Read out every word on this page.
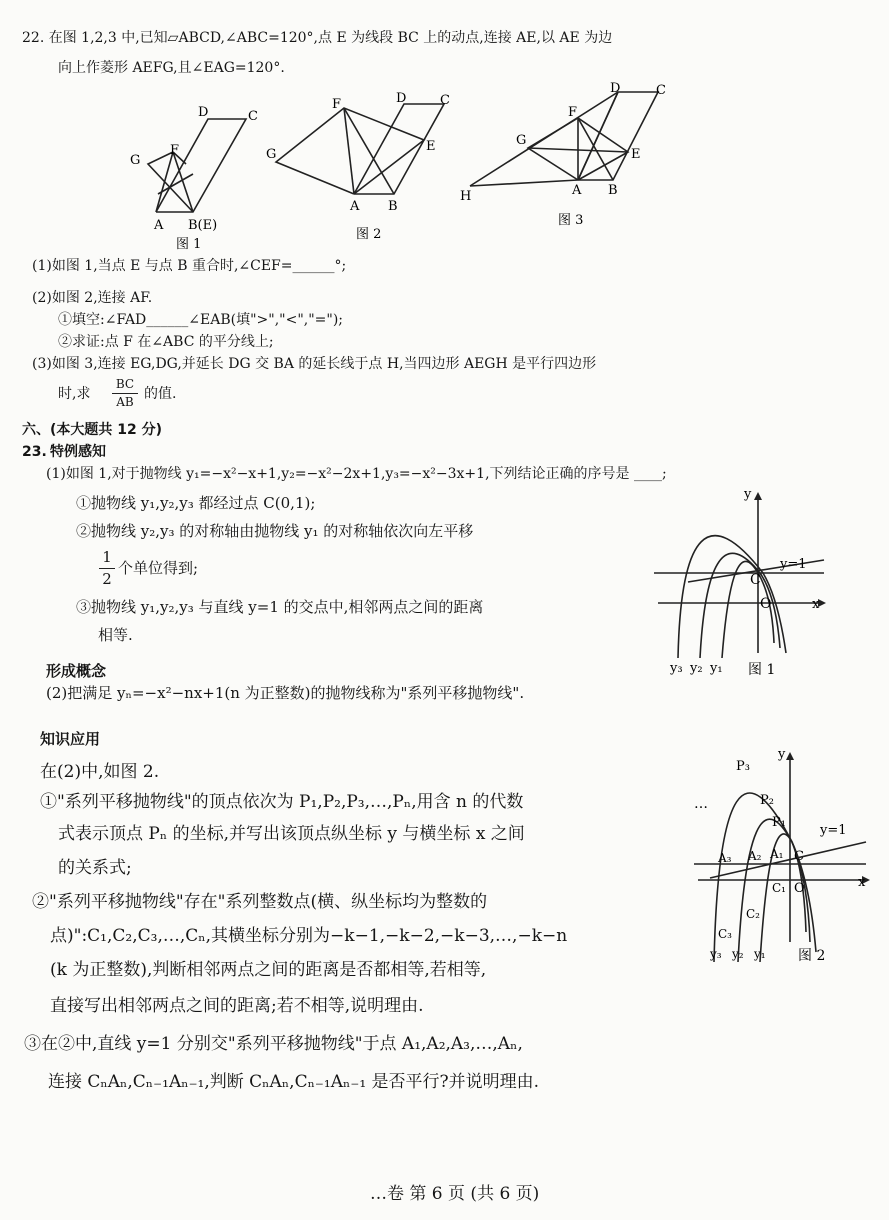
22. 在图 1,2,3 中,已知▱ABCD,∠ABC=120°,点 E 为线段 BC 上的动点,连接 AE,以 AE 为边
向上作菱形 AEFG,且∠EAG=120°.
D	C
G
F
A B(E)
图 1
F	D	C
G
E
A B
图 2
D	C
F
G
E
H	A B
图 3
(1)如图 1,当点 E 与点 B 重合时,∠CEF=______°;
(2)如图 2,连接 AF.
①填空:∠FAD______∠EAB(填">","<","=");
②求证:点 F 在∠ABC 的平分线上;
(3)如图 3,连接 EG,DG,并延长 DG 交 BA 的延长线于点 H,当四边形 AEGH 是平行四边形
时,求
BC
AB 的值.
六、(本大题共 12 分)
23. 特例感知
(1)如图 1,对于抛物线 y₁=−x²−x+1,y₂=−x²−2x+1,y₃=−x²−3x+1,下列结论正确的序号是 ____;
①抛物线 y₁,y₂,y₃ 都经过点 C(0,1);
②抛物线 y₂,y₃ 的对称轴由抛物线 y₁ 的对称轴依次向左平移
1
2
个单位得到;
③抛物线 y₁,y₂,y₃ 与直线 y=1 的交点中,相邻两点之间的距离
相等.
y
x
y=1
C
O
y₃ y₂ y₁ 图 1
形成概念
(2)把满足 yₙ=−x²−nx+1(n 为正整数)的抛物线称为"系列平移抛物线".
知识应用
在(2)中,如图 2.
①"系列平移抛物线"的顶点依次为 P₁,P₂,P₃,…,Pₙ,用含 n 的代数
式表示顶点 Pₙ 的坐标,并写出该顶点纵坐标 y 与横坐标 x 之间
的关系式;
②"系列平移抛物线"存在"系列整数点(横、纵坐标均为整数的
点)":C₁,C₂,C₃,…,Cₙ,其横坐标分别为−k−1,−k−2,−k−3,…,−k−n
(k 为正整数),判断相邻两点之间的距离是否都相等,若相等,
直接写出相邻两点之间的距离;若不相等,说明理由.
③在②中,直线 y=1 分别交"系列平移抛物线"于点 A₁,A₂,A₃,…,Aₙ,
连接 CₙAₙ,Cₙ₋₁Aₙ₋₁,判断 CₙAₙ,Cₙ₋₁Aₙ₋₁ 是否平行?并说明理由.
y
x
P₃
P₂
P₁
…
y=1
A₃ A₂ A₁ C
O
C₁
C₂
C₃
y₃ y₂ y₁ 图 2
…卷 第 6 页 (共 6 页)
